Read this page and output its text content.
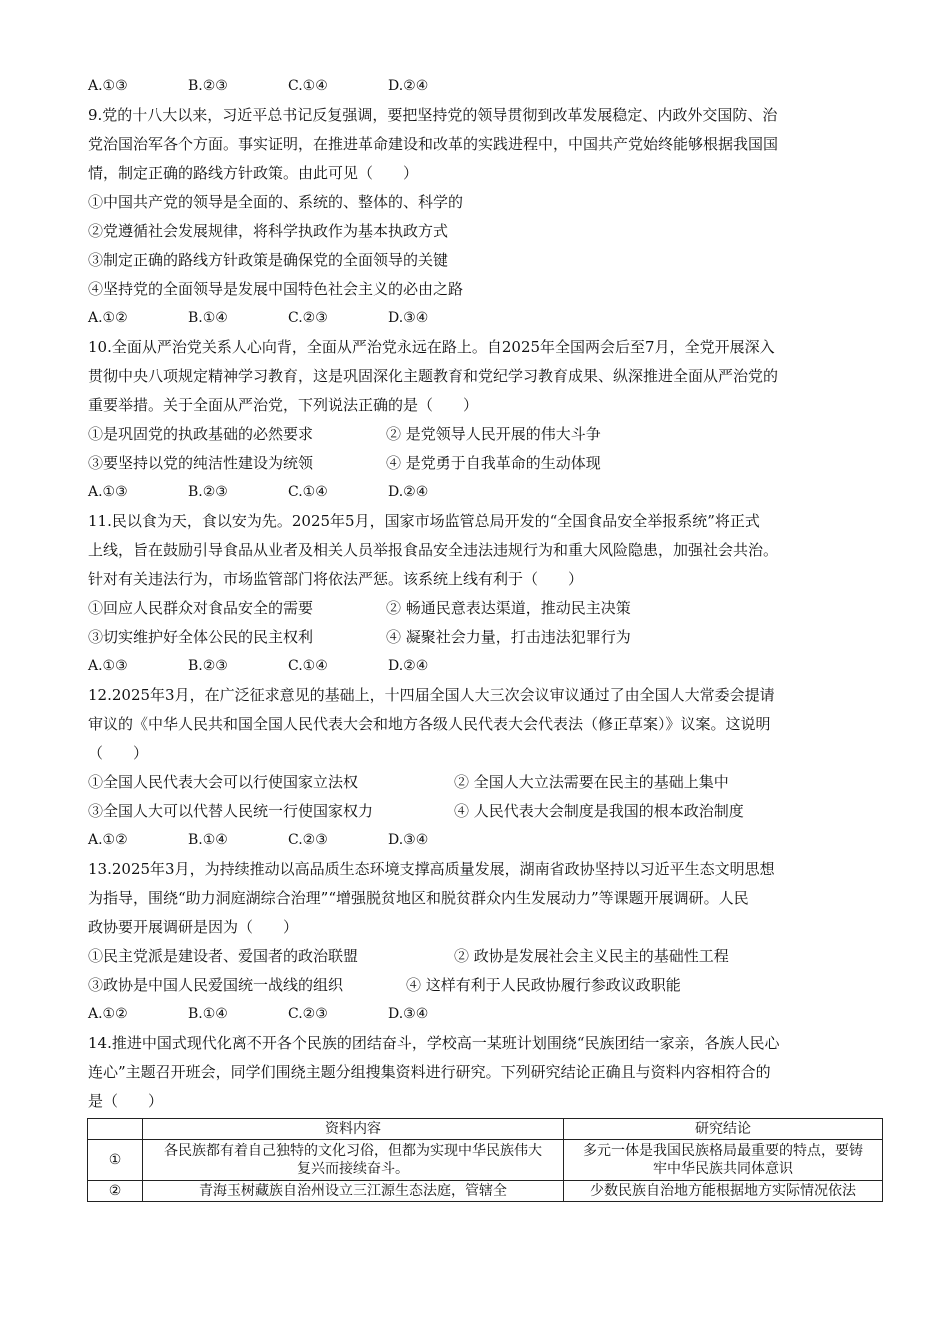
A.①③	B.②③	C.①④	D.②④
9.党的十八大以来，习近平总书记反复强调，要把坚持党的领导贯彻到改革发展稳定、内政外交国防、治
党治国治军各个方面。事实证明，在推进革命建设和改革的实践进程中，中国共产党始终能够根据我国国
情，制定正确的路线方针政策。由此可见（　　）
①中国共产党的领导是全面的、系统的、整体的、科学的
②党遵循社会发展规律，将科学执政作为基本执政方式
③制定正确的路线方针政策是确保党的全面领导的关键
④坚持党的全面领导是发展中国特色社会主义的必由之路
A.①②	B.①④	C.②③	D.③④
10.全面从严治党关系人心向背，全面从严治党永远在路上。自2025年全国两会后至7月，全党开展深入
贯彻中央八项规定精神学习教育，这是巩固深化主题教育和党纪学习教育成果、纵深推进全面从严治党的
重要举措。关于全面从严治党，下列说法正确的是（　　）
①是巩固党的执政基础的必然要求	② 是党领导人民开展的伟大斗争
③要坚持以党的纯洁性建设为统领	④ 是党勇于自我革命的生动体现
A.①③	B.②③	C.①④	D.②④
11.民以食为天，食以安为先。2025年5月，国家市场监管总局开发的“全国食品安全举报系统”将正式
上线，旨在鼓励引导食品从业者及相关人员举报食品安全违法违规行为和重大风险隐患，加强社会共治。
针对有关违法行为，市场监管部门将依法严惩。该系统上线有利于（　　）
①回应人民群众对食品安全的需要	② 畅通民意表达渠道，推动民主决策
③切实维护好全体公民的民主权利	④ 凝聚社会力量，打击违法犯罪行为
A.①③	B.②③	C.①④	D.②④
12.2025年3月，在广泛征求意见的基础上，十四届全国人大三次会议审议通过了由全国人大常委会提请
审议的《中华人民共和国全国人民代表大会和地方各级人民代表大会代表法（修正草案）》议案。这说明
（　　）
①全国人民代表大会可以行使国家立法权	② 全国人大立法需要在民主的基础上集中
③全国人大可以代替人民统一行使国家权力	④ 人民代表大会制度是我国的根本政治制度
A.①②	B.①④	C.②③	D.③④
13.2025年3月，为持续推动以高品质生态环境支撑高质量发展，湖南省政协坚持以习近平生态文明思想
为指导，围绕“助力洞庭湖综合治理”“增强脱贫地区和脱贫群众内生发展动力”等课题开展调研。人民
政协要开展调研是因为（　　）
①民主党派是建设者、爱国者的政治联盟	② 政协是发展社会主义民主的基础性工程
③政协是中国人民爱国统一战线的组织	④ 这样有利于人民政协履行参政议政职能
A.①②	B.①④	C.②③	D.③④
14.推进中国式现代化离不开各个民族的团结奋斗，学校高一某班计划围绕“民族团结一家亲，各族人民心
连心”主题召开班会，同学们围绕主题分组搜集资料进行研究。下列研究结论正确且与资料内容相符合的
是（　　）
	资料内容	研究结论
①	各民族都有着自己独特的文化习俗，但都为实现中华民族伟大复兴而接续奋斗。	多元一体是我国民族格局最重要的特点，要铸牢中华民族共同体意识
②	青海玉树藏族自治州设立三江源生态法庭，管辖全	少数民族自治地方能根据地方实际情况依法
